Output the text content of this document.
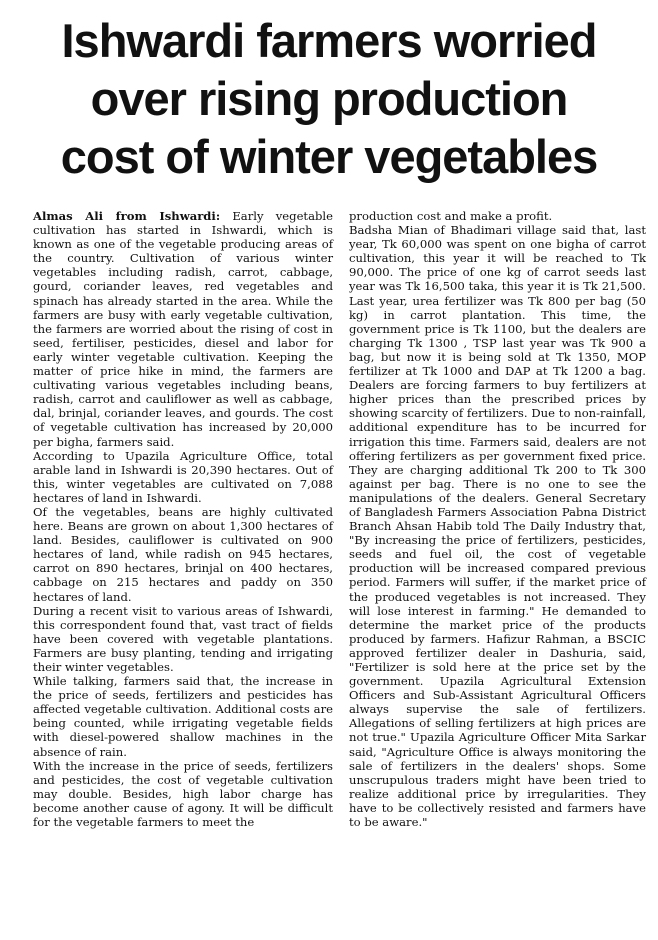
Ishwardi farmers worried
over rising production
cost of winter vegetables

Almas Ali from Ishwardi: Early vegetable cultivation has started in Ishwardi, which is known as one of the vegetable producing areas of the country. Cultivation of various winter vegetables including radish, carrot, cabbage, gourd, coriander leaves, red vegetables and spinach has already started in the area. While the farmers are busy with early vegetable cultivation, the farmers are worried about the rising of cost in seed, fertiliser, pesticides, diesel and labor for early winter vegetable cultivation. Keeping the matter of price hike in mind, the farmers are cultivating various vegetables including beans, radish, carrot and cauliflower as well as cabbage, dal, brinjal, coriander leaves, and gourds. The cost of vegetable cultivation has increased by 20,000 per bigha, farmers said.

According to Upazila Agriculture Office, total arable land in Ishwardi is 20,390 hectares. Out of this, winter vegetables are cultivated on 7,088 hectares of land in Ishwardi.

Of the vegetables, beans are highly cultivated here. Beans are grown on about 1,300 hectares of land. Besides, cauliflower is cultivated on 900 hectares of land, while radish on 945 hectares, carrot on 890 hectares, brinjal on 400 hectares, cabbage on 215 hectares and paddy on 350 hectares of land.

During a recent visit to various areas of Ishwardi, this correspondent found that, vast tract of fields have been covered with vegetable plantations. Farmers are busy planting, tending and irrigating their winter vegetables.

While talking, farmers said that, the increase in the price of seeds, fertilizers and pesticides has affected vegetable cultivation. Additional costs are being counted, while irrigating vegetable fields with diesel-powered shallow machines in the absence of rain.

With the increase in the price of seeds, fertilizers and pesticides, the cost of vegetable cultivation may double. Besides, high labor charge has become another cause of agony. It will be difficult for the vegetable farmers to meet the

production cost and make a profit.

Badsha Mian of Bhadimari village said that, last year, Tk 60,000 was spent on one bigha of carrot cultivation, this year it will be reached to Tk 90,000. The price of one kg of carrot seeds last year was Tk 16,500 taka, this year it is Tk 21,500. Last year, urea fertilizer was Tk 800 per bag (50 kg) in carrot plantation. This time, the government price is Tk 1100, but the dealers are charging Tk 1300 , TSP last year was Tk 900 a bag, but now it is being sold at Tk 1350, MOP fertilizer at Tk 1000 and DAP at Tk 1200 a bag. Dealers are forcing farmers to buy fertilizers at higher prices than the prescribed prices by showing scarcity of fertilizers. Due to non-rainfall, additional expenditure has to be incurred for irrigation this time. Farmers said, dealers are not offering fertilizers as per government fixed price. They are charging additional Tk 200 to Tk 300 against per bag. There is no one to see the manipulations of the dealers. General Secretary of Bangladesh Farmers Association Pabna District Branch Ahsan Habib told The Daily Industry that, "By increasing the price of fertilizers, pesticides, seeds and fuel oil, the cost of vegetable production will be increased compared previous period. Farmers will suffer, if the market price of the produced vegetables is not increased. They will lose interest in farming." He demanded to determine the market price of the products produced by farmers. Hafizur Rahman, a BSCIC approved fertilizer dealer in Dashuria, said, "Fertilizer is sold here at the price set by the government. Upazila Agricultural Extension Officers and Sub-Assistant Agricultural Officers always supervise the sale of fertilizers. Allegations of selling fertilizers at high prices are not true." Upazila Agriculture Officer Mita Sarkar said, "Agriculture Office is always monitoring the sale of fertilizers in the dealers' shops. Some unscrupulous traders might have been tried to realize additional price by irregularities. They have to be collectively resisted and farmers have to be aware."
